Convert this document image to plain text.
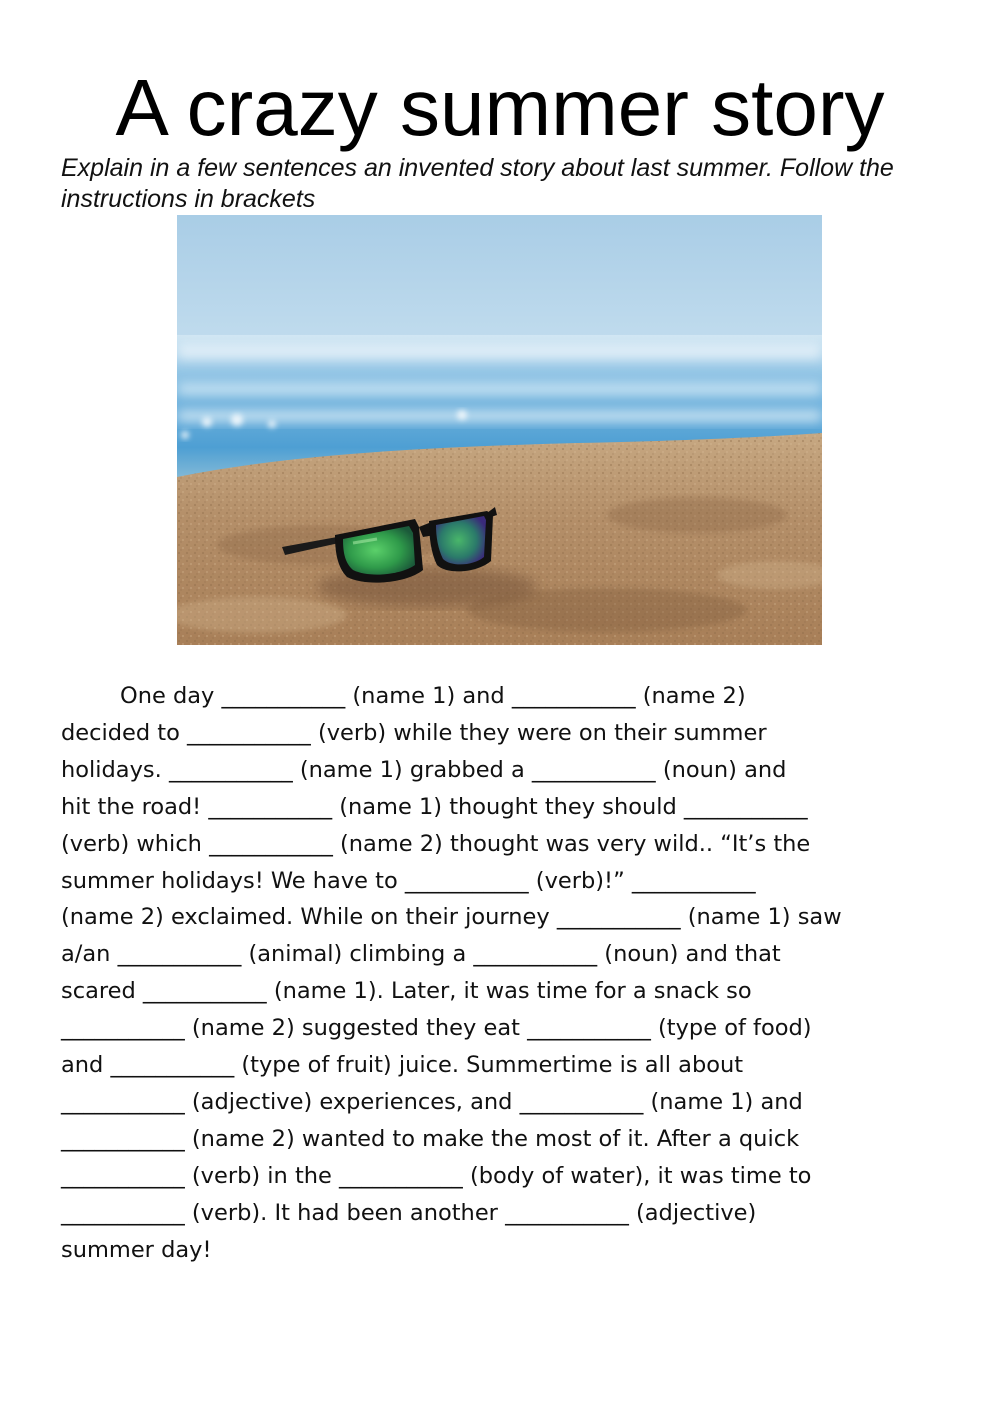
A crazy summer story

Explain in a few sentences an invented story about last summer. Follow the instructions in brackets

One day ___________ (name 1) and ___________ (name 2)
decided to ___________ (verb) while they were on their summer
holidays. ___________ (name 1) grabbed a ___________ (noun) and
hit the road! ___________ (name 1) thought they should ___________
(verb) which ___________ (name 2) thought was very wild.. “It’s the
summer holidays! We have to ___________ (verb)!” ___________
(name 2) exclaimed. While on their journey ___________ (name 1) saw
a/an ___________ (animal) climbing a ___________ (noun) and that
scared ___________ (name 1). Later, it was time for a snack so
___________ (name 2) suggested they eat ___________ (type of food)
and ___________ (type of fruit) juice. Summertime is all about
___________ (adjective) experiences, and ___________ (name 1) and
___________ (name 2) wanted to make the most of it. After a quick
___________ (verb) in the ___________ (body of water), it was time to
___________ (verb). It had been another ___________ (adjective)
summer day!
